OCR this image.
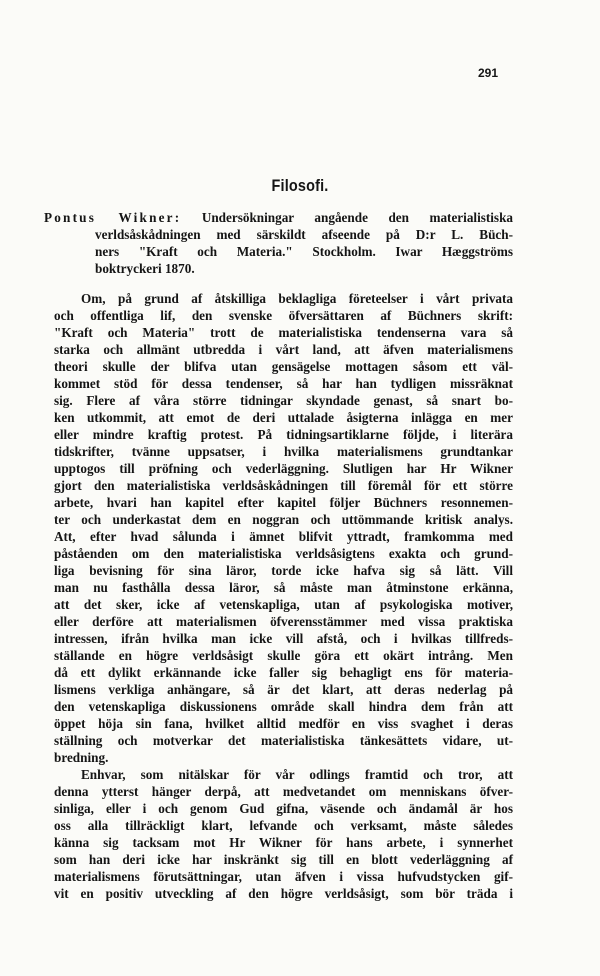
291
Filosofi.
Pontus Wikner: Undersökningar angående den materialistiska
verldsåskådningen med särskildt afseende på D:r L. Büch-
ners "Kraft och Materia." Stockholm. Iwar Hæggströms
boktryckeri 1870.
Om, på grund af åtskilliga beklagliga företeelser i vårt privata
och offentliga lif, den svenske öfversättaren af Büchners skrift:
"Kraft och Materia" trott de materialistiska tendenserna vara så
starka och allmänt utbredda i vårt land, att äfven materialismens
theori skulle der blifva utan gensägelse mottagen såsom ett väl-
kommet stöd för dessa tendenser, så har han tydligen missräknat
sig. Flere af våra större tidningar skyndade genast, så snart bo-
ken utkommit, att emot de deri uttalade åsigterna inlägga en mer
eller mindre kraftig protest. På tidningsartiklarne följde, i literära
tidskrifter, tvänne uppsatser, i hvilka materialismens grundtankar
upptogos till pröfning och vederläggning. Slutligen har Hr Wikner
gjort den materialistiska verldsåskådningen till föremål för ett större
arbete, hvari han kapitel efter kapitel följer Büchners resonnemen-
ter och underkastat dem en noggran och uttömmande kritisk analys.
Att, efter hvad sålunda i ämnet blifvit yttradt, framkomma med
påståenden om den materialistiska verldsåsigtens exakta och grund-
liga bevisning för sina läror, torde icke hafva sig så lätt. Vill
man nu fasthålla dessa läror, så måste man åtminstone erkänna,
att det sker, icke af vetenskapliga, utan af psykologiska motiver,
eller derföre att materialismen öfverensstämmer med vissa praktiska
intressen, ifrån hvilka man icke vill afstå, och i hvilkas tillfreds-
ställande en högre verldsåsigt skulle göra ett okärt intrång. Men
då ett dylikt erkännande icke faller sig behagligt ens för materia-
lismens verkliga anhängare, så är det klart, att deras nederlag på
den vetenskapliga diskussionens område skall hindra dem från att
öppet höja sin fana, hvilket alltid medför en viss svaghet i deras
ställning och motverkar det materialistiska tänkesättets vidare, ut-
bredning.
Enhvar, som nitälskar för vår odlings framtid och tror, att
denna ytterst hänger derpå, att medvetandet om menniskans öfver-
sinliga, eller i och genom Gud gifna, väsende och ändamål är hos
oss alla tillräckligt klart, lefvande och verksamt, måste således
känna sig tacksam mot Hr Wikner för hans arbete, i synnerhet
som han deri icke har inskränkt sig till en blott vederläggning af
materialismens förutsättningar, utan äfven i vissa hufvudstycken gif-
vit en positiv utveckling af den högre verldsåsigt, som bör träda i
